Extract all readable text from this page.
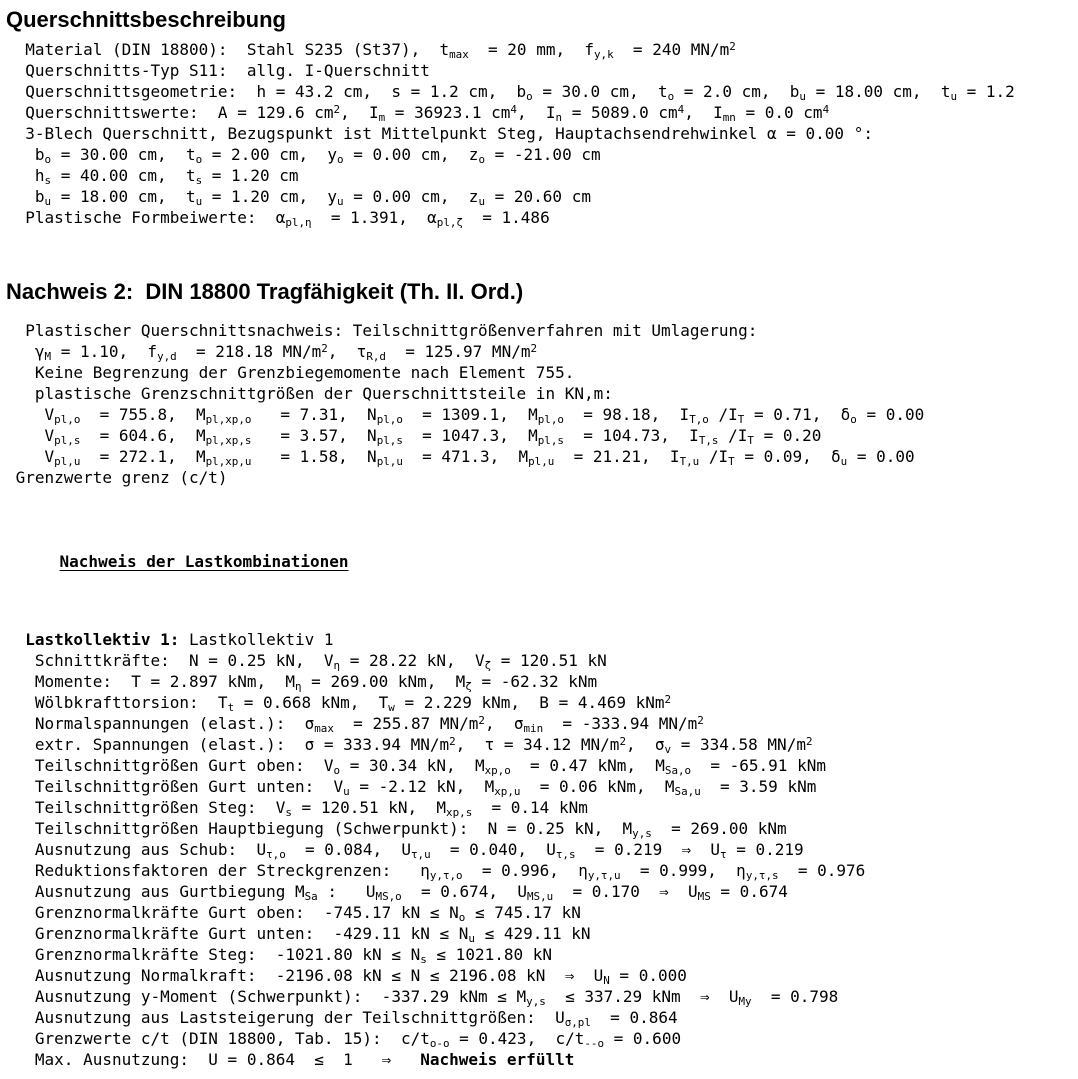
Querschnittsbeschreibung
Material (DIN 18800):  Stahl S235 (St37),  $t_{max} = 20$ mm,  $f_{y,k} = 240$ $MN/m^2$
Querschnitts-Typ S11:  allg. I-Querschnitt
Querschnittsgeometrie:  h = 43.2 cm,  s = 1.2 cm,  $b_o = 30.0$ cm,  $t_o = 2.0$ cm,  $b_u = 18.00$ cm,  $t_u = 1.2$
Querschnittswerte:  A = 129.6 $cm^2$,  $I_m = 36923.1$ $cm^4$,  $I_n = 5089.0$ $cm^4$,  $I_{mn} = 0.0$ $cm^4$
3-Blech Querschnitt, Bezugspunkt ist Mittelpunkt Steg, Hauptachsendrehwinkel α = 0.00 °:
$b_o = 30.00$ cm,  $t_o = 2.00$ cm,  $y_o = 0.00$ cm,  $z_o = -21.00$ cm
$h_s = 40.00$ cm,  $t_s = 1.20$ cm
$b_u = 18.00$ cm,  $t_u = 1.20$ cm,  $y_u = 0.00$ cm,  $z_u = 20.60$ cm
Plastische Formbeiwerte:  $\alpha_{pl,\eta} = 1.391$,  $\alpha_{pl,\zeta} = 1.486$
Nachweis 2:  DIN 18800 Tragfähigkeit (Th. II. Ord.)
Plastischer Querschnittsnachweis: Teilschnittgrößenverfahren mit Umlagerung:
$\gamma_M = 1.10$,  $f_{y,d} = 218.18$ $MN/m^2$,  $\tau_{R,d} = 125.97$ $MN/m^2$
Keine Begrenzung der Grenzbiegemomente nach Element 755.
plastische Grenzschnittgrößen der Querschnittsteile in KN,m:
$V_{pl,o} = 755.8$,  $M_{pl,xp,o} = 7.31$,  $N_{pl,o} = 1309.1$,  $M_{pl,o} = 98.18$,  $I_{T,o}$ $/I_T = 0.71$,  $\delta_o = 0.00$
$V_{pl,s} = 604.6$,  $M_{pl,xp,s} = 3.57$,  $N_{pl,s} = 1047.3$,  $M_{pl,s} = 104.73$,  $I_{T,s}$ $/I_T = 0.20$
$V_{pl,u} = 272.1$,  $M_{pl,xp,u} = 1.58$,  $N_{pl,u} = 471.3$,  $M_{pl,u} = 21.21$,  $I_{T,u}$ $/I_T = 0.09$,  $\delta_u = 0.00$
Grenzwerte grenz (c/t)

Nachweis der Lastkombinationen

Lastkollektiv 1: Lastkollektiv 1
Schnittkräfte:  N = 0.25 kN,  $V_\eta = 28.22$ kN,  $V_\zeta = 120.51$ kN
Momente:  T = 2.897 kNm,  $M_\eta = 269.00$ kNm,  $M_\zeta = -62.32$ kNm
Wölbkrafttorsion:  $T_t = 0.668$ kNm,  $T_w = 2.229$ kNm,  B = 4.469 kNm$^2$
Normalspannungen (elast.):  $\sigma_{max} = 255.87$ $MN/m^2$,  $\sigma_{min} = -333.94$ $MN/m^2$
extr. Spannungen (elast.):  σ = 333.94 $MN/m^2$,  τ = 34.12 $MN/m^2$,  $\sigma_v = 334.58$ $MN/m^2$
Teilschnittgrößen Gurt oben:  $V_o = 30.34$ kN,  $M_{xp,o} = 0.47$ kNm,  $M_{Sa,o} = -65.91$ kNm
Teilschnittgrößen Gurt unten:  $V_u = -2.12$ kN,  $M_{xp,u} = 0.06$ kNm,  $M_{Sa,u} = 3.59$ kNm
Teilschnittgrößen Steg:  $V_s = 120.51$ kN,  $M_{xp,s} = 0.14$ kNm
Teilschnittgrößen Hauptbiegung (Schwerpunkt):  N = 0.25 kN,  $M_{y,s} = 269.00$ kNm
Ausnutzung aus Schub:  $U_{\tau,o} = 0.084$,  $U_{\tau,u} = 0.040$,  $U_{\tau,s} = 0.219$  ⇒  $U_\tau = 0.219$
Reduktionsfaktoren der Streckgrenzen:   $\eta_{y,\tau,o} = 0.996$,  $\eta_{y,\tau,u} = 0.999$,  $\eta_{y,\tau,s} = 0.976$
Ausnutzung aus Gurtbiegung $M_{Sa}$ :   $U_{MS,o} = 0.674$,  $U_{MS,u} = 0.170$  ⇒  $U_{MS} = 0.674$
Grenznormalkräfte Gurt oben:  -745.17 kN ≤ $N_o \le 745.17$ kN
Grenznormalkräfte Gurt unten:  -429.11 kN ≤ $N_u \le 429.11$ kN
Grenznormalkräfte Steg:  -1021.80 kN ≤ $N_s \le 1021.80$ kN
Ausnutzung Normalkraft:  -2196.08 kN ≤ N ≤ 2196.08 kN  ⇒  $U_N = 0.000$
Ausnutzung y-Moment (Schwerpunkt):  -337.29 kNm ≤ $M_{y,s} \le 337.29$ kNm  ⇒  $U_{My} = 0.798$
Ausnutzung aus Laststeigerung der Teilschnittgrößen:  $U_{\sigma,pl} = 0.864$
Grenzwerte c/t (DIN 18800, Tab. 15):  $c/t_{o-o} = 0.423$,  $c/t_{--o} = 0.600$
Max. Ausnutzung:  U = 0.864  ≤  1   ⇒   Nachweis erfüllt
